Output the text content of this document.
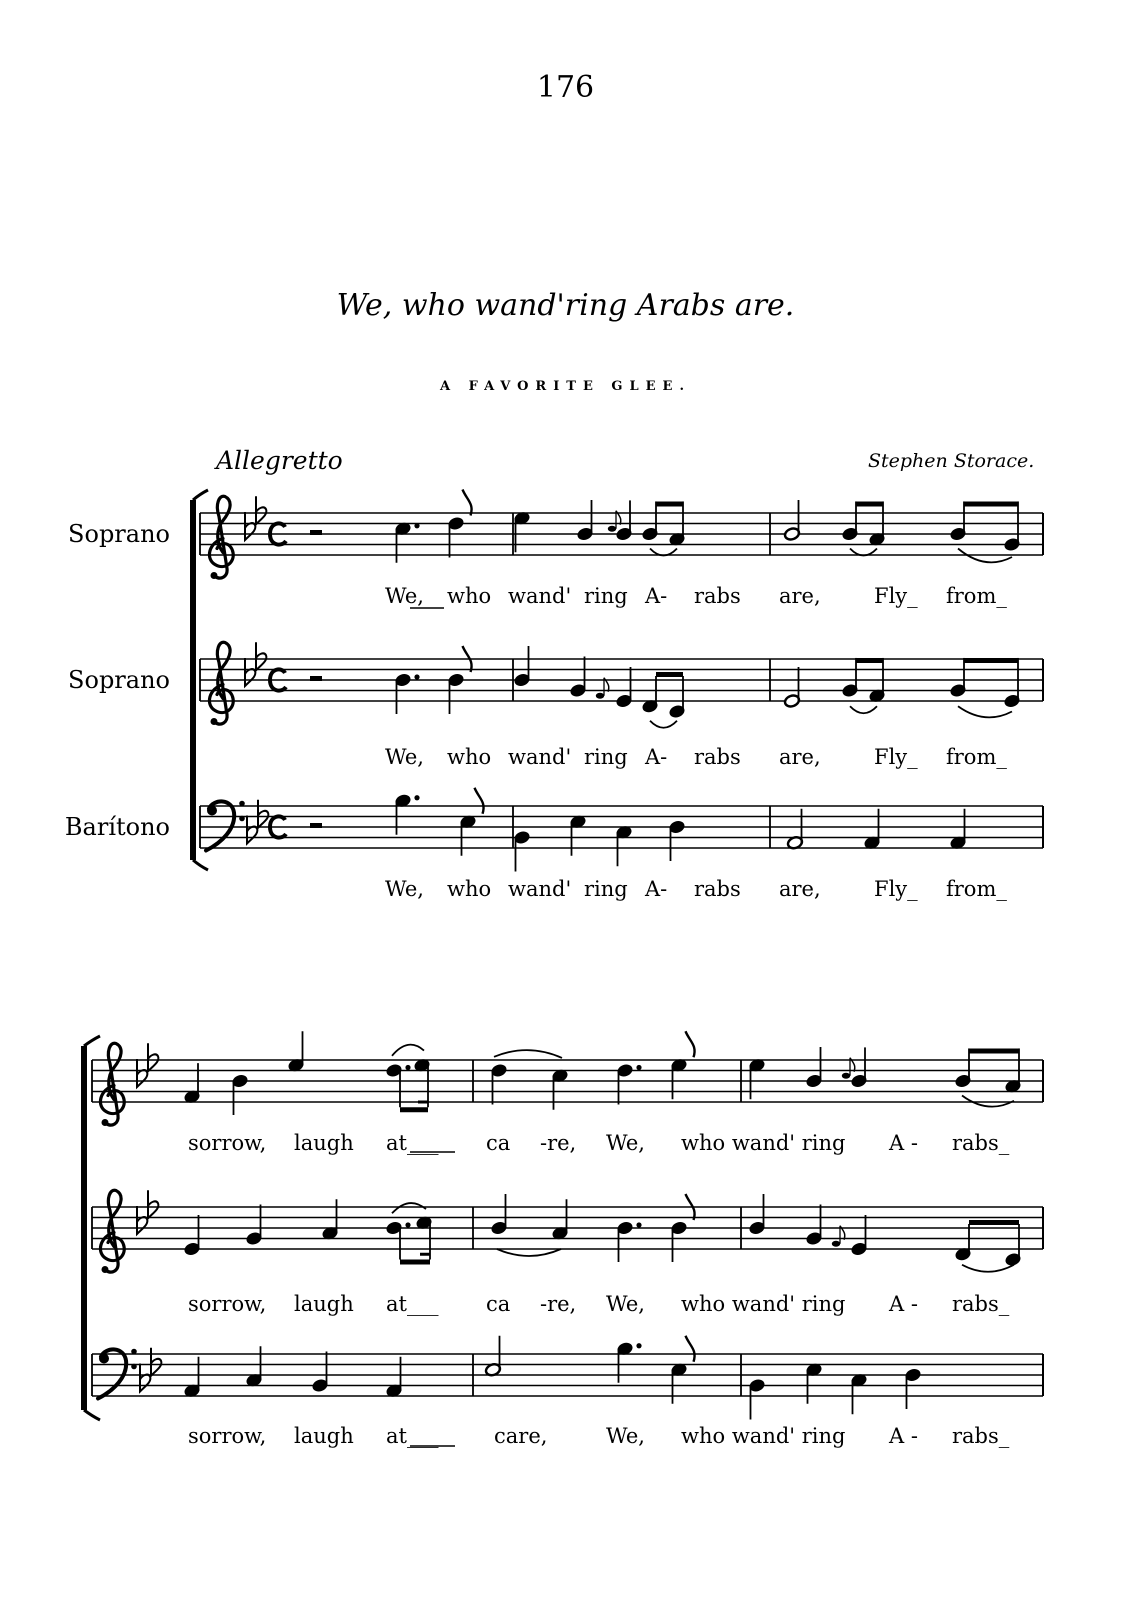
176
We, who wand'ring Arabs are.
A FAVORITE GLEE.
Allegretto	Stephen Storace.
Soprano
Soprano
Barítono
We, who wand' ring A- rabs are,	Fly_ from_
We, who wand' ring A- rabs are,	Fly_ from_
We, who wand' ring A- rabs are,	Fly_ from_
sorrow, laugh at___ ca -re, We, who wand' ring A - rabs_
sorrow, laugh at___ ca -re, We, who wand' ring A - rabs_
sorrow, laugh at___	care,	We, who wand' ring A - rabs_
